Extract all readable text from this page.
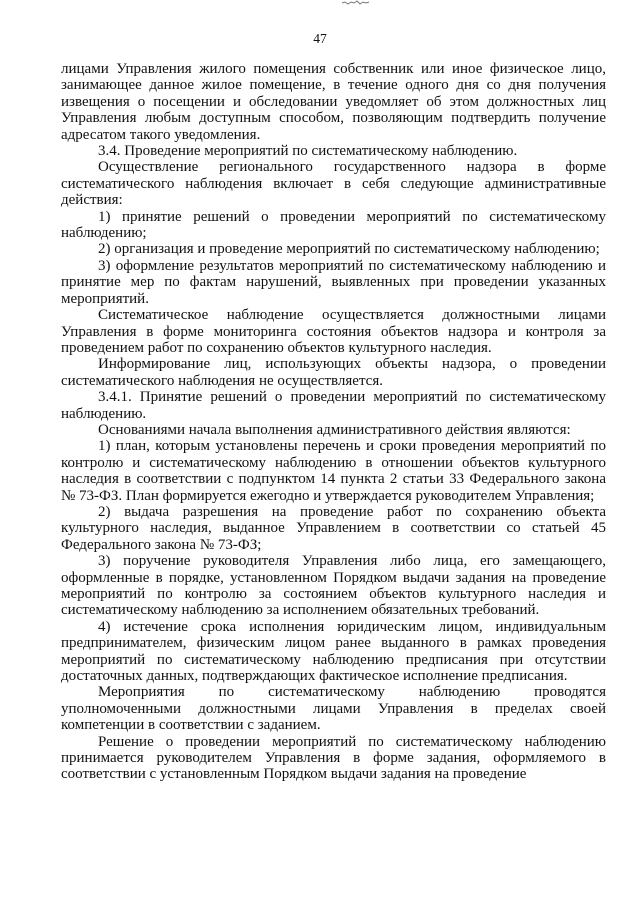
47

лицами Управления жилого помещения собственник или иное физическое лицо, занимающее данное жилое помещение, в течение одного дня со дня получения извещения о посещении и обследовании уведомляет об этом должностных лиц Управления любым доступным способом, позволяющим подтвердить получение адресатом такого уведомления.

3.4. Проведение мероприятий по систематическому наблюдению.

Осуществление регионального государственного надзора в форме систематического наблюдения включает в себя следующие административные действия:

1) принятие решений о проведении мероприятий по систематическому наблюдению;

2) организация и проведение мероприятий по систематическому наблюдению;

3) оформление результатов мероприятий по систематическому наблюдению и принятие мер по фактам нарушений, выявленных при проведении указанных мероприятий.

Систематическое наблюдение осуществляется должностными лицами Управления в форме мониторинга состояния объектов надзора и контроля за проведением работ по сохранению объектов культурного наследия.

Информирование лиц, использующих объекты надзора, о проведении систематического наблюдения не осуществляется.

3.4.1. Принятие решений о проведении мероприятий по систематическому наблюдению.

Основаниями начала выполнения административного действия являются:

1) план, которым установлены перечень и сроки проведения мероприятий по контролю и систематическому наблюдению в отношении объектов культурного наследия в соответствии с подпунктом 14 пункта 2 статьи 33 Федерального закона № 73-ФЗ. План формируется ежегодно и утверждается руководителем Управления;

2) выдача разрешения на проведение работ по сохранению объекта культурного наследия, выданное Управлением в соответствии со статьей 45 Федерального закона № 73-ФЗ;

3) поручение руководителя Управления либо лица, его замещающего, оформленные в порядке, установленном Порядком выдачи задания на проведение мероприятий по контролю за состоянием объектов культурного наследия и систематическому наблюдению за исполнением обязательных требований.

4) истечение срока исполнения юридическим лицом, индивидуальным предпринимателем, физическим лицом ранее выданного в рамках проведения мероприятий по систематическому наблюдению предписания при отсутствии достаточных данных, подтверждающих фактическое исполнение предписания.

Мероприятия по систематическому наблюдению проводятся уполномоченными должностными лицами Управления в пределах своей компетенции в соответствии с заданием.

Решение о проведении мероприятий по систематическому наблюдению принимается руководителем Управления в форме задания, оформляемого в соответствии с установленным Порядком выдачи задания на проведение
